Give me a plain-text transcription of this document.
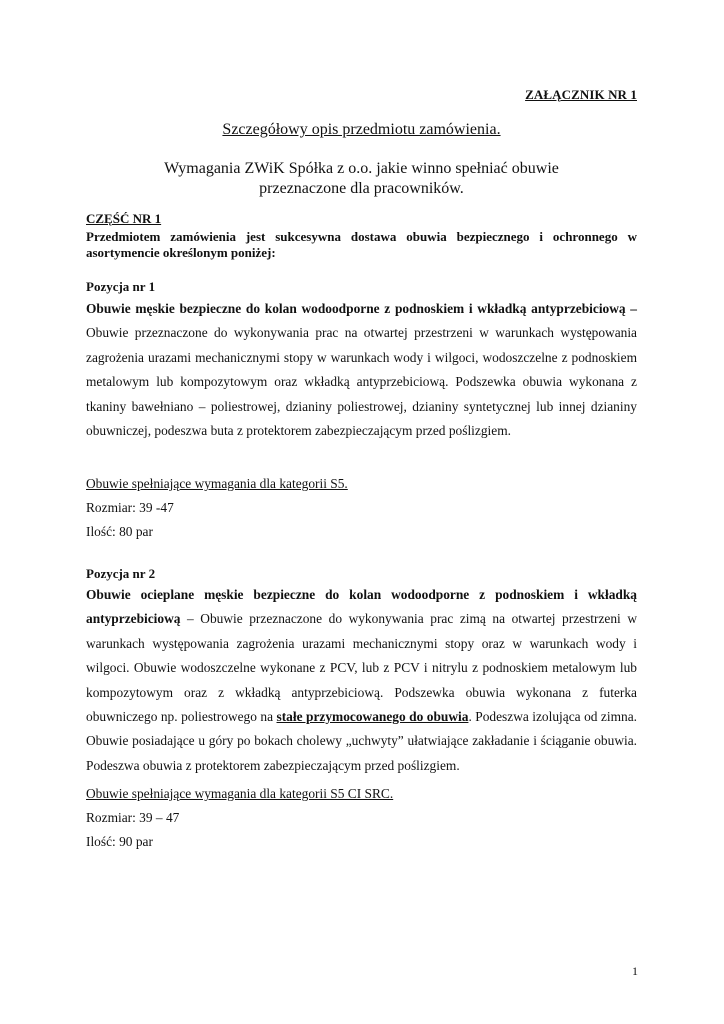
ZAŁĄCZNIK NR 1
Szczegółowy opis przedmiotu zamówienia.
Wymagania ZWiK Spółka z o.o. jakie winno spełniać obuwie
przeznaczone dla pracowników.
CZĘŚĆ NR 1
Przedmiotem zamówienia jest sukcesywna dostawa obuwia bezpiecznego i ochronnego w asortymencie określonym poniżej:
Pozycja nr 1
Obuwie męskie bezpieczne do kolan wodoodporne z podnoskiem i wkładką antyprzebiciową – Obuwie przeznaczone do wykonywania prac na otwartej przestrzeni w warunkach występowania zagrożenia urazami mechanicznymi stopy w warunkach wody i wilgoci, wodoszczelne z podnoskiem metalowym lub kompozytowym oraz wkładką antyprzebiciową. Podszewka obuwia wykonana z tkaniny bawełniano – poliestrowej, dzianiny poliestrowej, dzianiny syntetycznej lub innej dzianiny obuwniczej, podeszwa buta z protektorem zabezpieczającym przed poślizgiem.
Obuwie spełniające wymagania dla kategorii S5.
Rozmiar: 39 -47
Ilość: 80 par
Pozycja nr 2
Obuwie ocieplane męskie bezpieczne do kolan wodoodporne z podnoskiem i wkładką antyprzebiciową – Obuwie przeznaczone do wykonywania prac zimą na otwartej przestrzeni w warunkach występowania zagrożenia urazami mechanicznymi stopy oraz w warunkach wody i wilgoci. Obuwie wodoszczelne wykonane z PCV, lub z PCV i nitrylu z podnoskiem metalowym lub kompozytowym oraz z wkładką antyprzebiciową. Podszewka obuwia wykonana z futerka obuwniczego np. poliestrowego na stałe przymocowanego do obuwia. Podeszwa izolująca od zimna. Obuwie posiadające u góry po bokach cholewy „uchwyty” ułatwiające zakładanie i ściąganie obuwia. Podeszwa obuwia z protektorem zabezpieczającym przed poślizgiem.
Obuwie spełniające wymagania dla kategorii S5 CI SRC.
Rozmiar: 39 – 47
Ilość: 90 par
1
